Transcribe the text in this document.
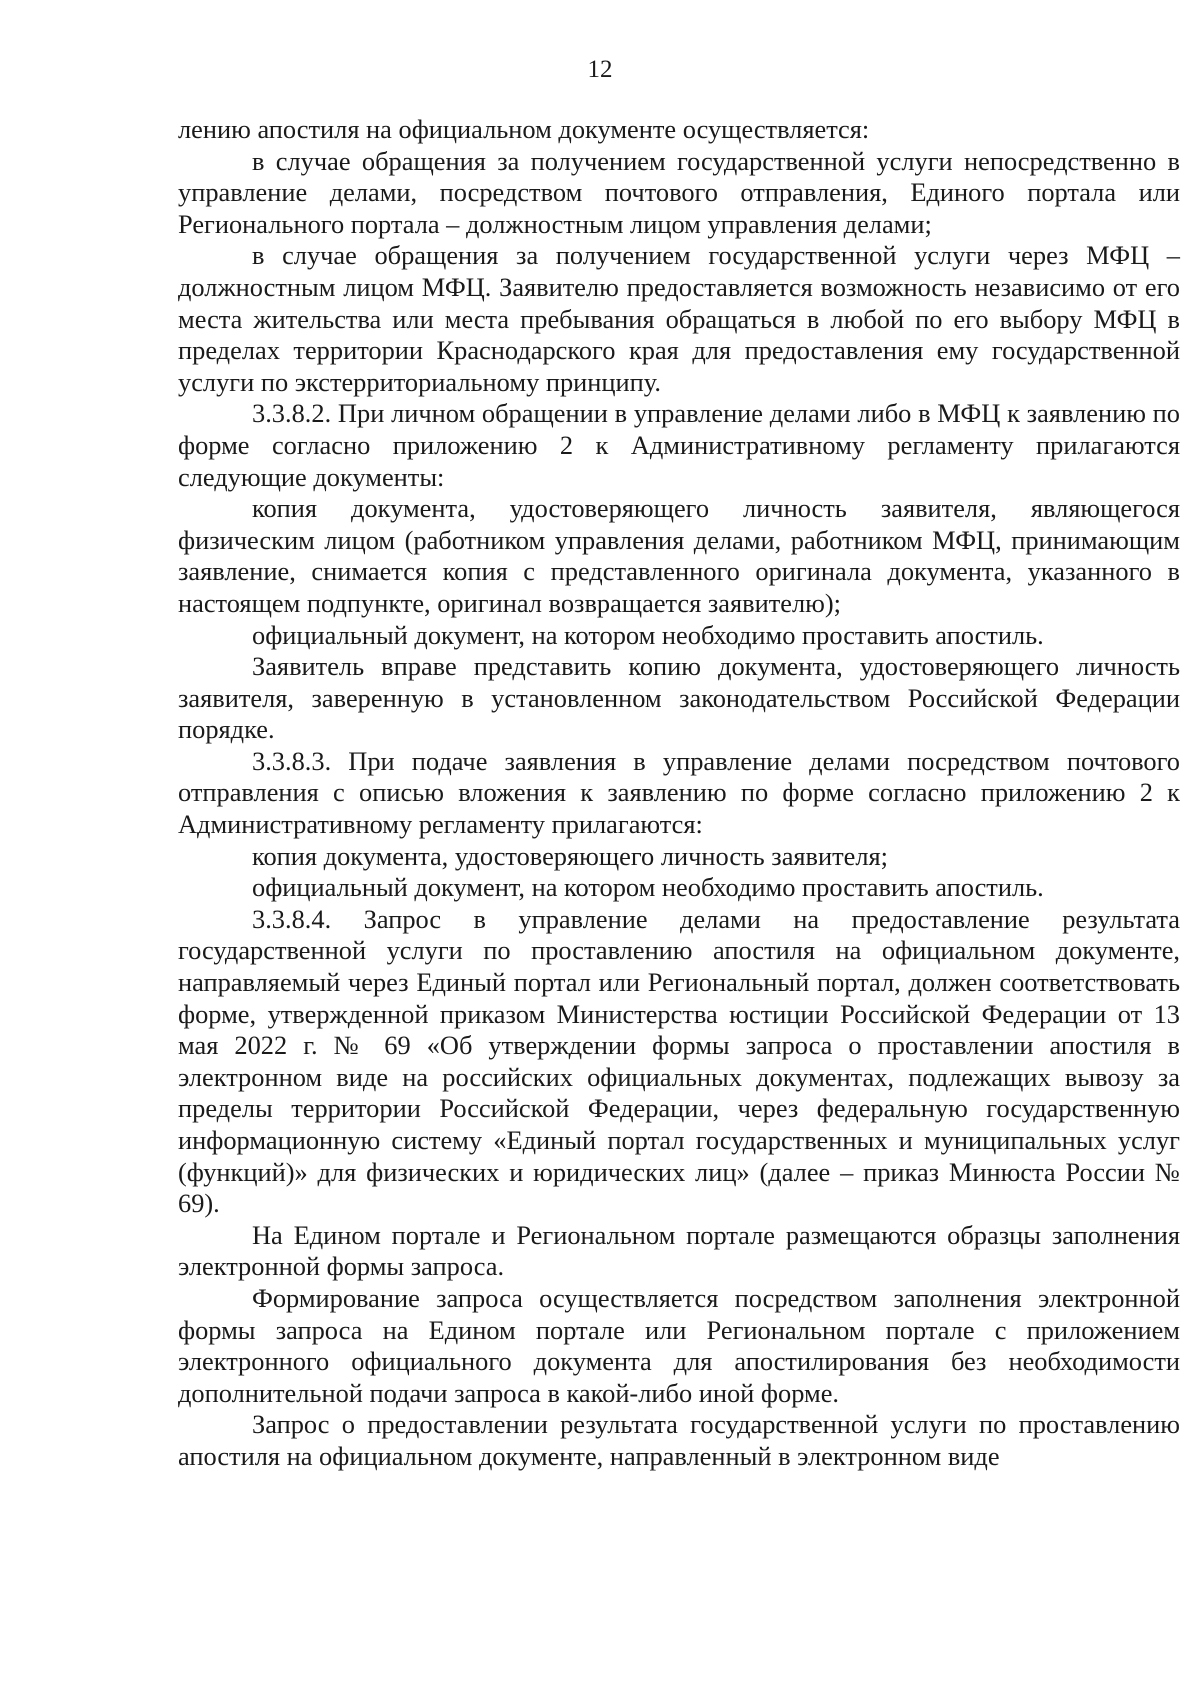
12

лению апостиля на официальном документе осуществляется:

в случае обращения за получением государственной услуги непосредственно в управление делами, посредством почтового отправления, Единого портала или Регионального портала – должностным лицом управления делами;

в случае обращения за получением государственной услуги через МФЦ – должностным лицом МФЦ. Заявителю предоставляется возможность независимо от его места жительства или места пребывания обращаться в любой по его выбору МФЦ в пределах территории Краснодарского края для предоставления ему государственной услуги по экстерриториальному принципу.

3.3.8.2. При личном обращении в управление делами либо в МФЦ к заявлению по форме согласно приложению 2 к Административному регламенту прилагаются следующие документы:

копия документа, удостоверяющего личность заявителя, являющегося физическим лицом (работником управления делами, работником МФЦ, принимающим заявление, снимается копия с представленного оригинала документа, указанного в настоящем подпункте, оригинал возвращается заявителю);

официальный документ, на котором необходимо проставить апостиль.

Заявитель вправе представить копию документа, удостоверяющего личность заявителя, заверенную в установленном законодательством Российской Федерации порядке.

3.3.8.3. При подаче заявления в управление делами посредством почтового отправления с описью вложения к заявлению по форме согласно приложению 2 к Административному регламенту прилагаются:

копия документа, удостоверяющего личность заявителя;

официальный документ, на котором необходимо проставить апостиль.

3.3.8.4. Запрос в управление делами на предоставление результата государственной услуги по проставлению апостиля на официальном документе, направляемый через Единый портал или Региональный портал, должен соответствовать форме, утвержденной приказом Министерства юстиции Российской Федерации от 13 мая 2022 г. № 69 «Об утверждении формы запроса о проставлении апостиля в электронном виде на российских официальных документах, подлежащих вывозу за пределы территории Российской Федерации, через федеральную государственную информационную систему «Единый портал государственных и муниципальных услуг (функций)» для физических и юридических лиц» (далее – приказ Минюста России № 69).

На Едином портале и Региональном портале размещаются образцы заполнения электронной формы запроса.

Формирование запроса осуществляется посредством заполнения электронной формы запроса на Едином портале или Региональном портале с приложением электронного официального документа для апостилирования без необходимости дополнительной подачи запроса в какой-либо иной форме.

Запрос о предоставлении результата государственной услуги по проставлению апостиля на официальном документе, направленный в электронном виде
